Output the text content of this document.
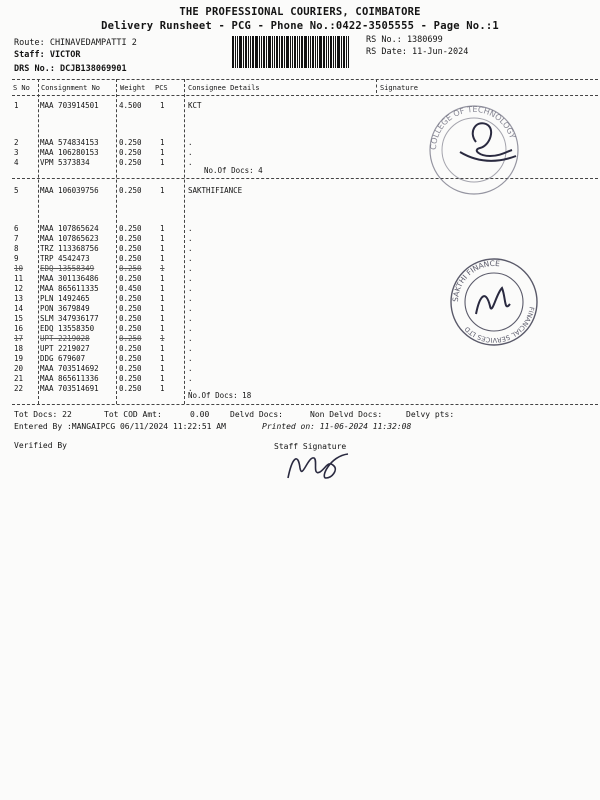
THE PROFESSIONAL COURIERS, COIMBATORE
Delivery Runsheet - PCG - Phone No.:0422-3505555 - Page No.:1
Route: CHINAVEDAMPATTI 2
Staff: VICTOR
DRS No.: DCJB138069901
RS No.: 1380699
RS Date: 11-Jun-2024
S No Consignment No	Weight PCS	Consignee Details	Signature
1	MAA 703914501	4.500 1	KCT
2	MAA 574834153	0.250 1	.
3	MAA 106280153	0.250 1	.
4	VPM 5373834	0.250 1	.
No.Of Docs: 4
5	MAA 106039756	0.250 1	SAKTHIFIANCE
6	MAA 107865624	0.250 1	.
7	MAA 107865623	0.250 1	.
8	TRZ 113368756	0.250 1	.
9	TRP 4542473	0.250 1	.
10 EDQ 13558349	0.250 1	.
11 MAA 301136486	0.250 1	.
12 MAA 865611335	0.450 1	.
13 PLN 1492465	0.250 1	.
14 PON 3679849	0.250 1	.
15 SLM 347936177	0.250 1	.
16 EDQ 13558350	0.250 1	.
17 UPT 2219028	0.250 1	.
18 UPT 2219027	0.250 1	.
19 DDG 679607	0.250 1	.
20 MAA 703514692	0.250 1	.
21 MAA 865611336	0.250 1	.
22 MAA 703514691	0.250 1	.
No.Of Docs: 18
COLLEGE OF TECHNOLOGY
SAKTHI FINANCE
FINANCIAL SERVICES LTD
Tot Docs: 22	Tot COD Amt:	0.00	Delvd Docs:	Non Delvd Docs:	Delvy pts:
Entered By :MANGAIPCG 06/11/2024 11:22:51 AM	Printed on: 11-06-2024 11:32:08
Verified By	Staff Signature
